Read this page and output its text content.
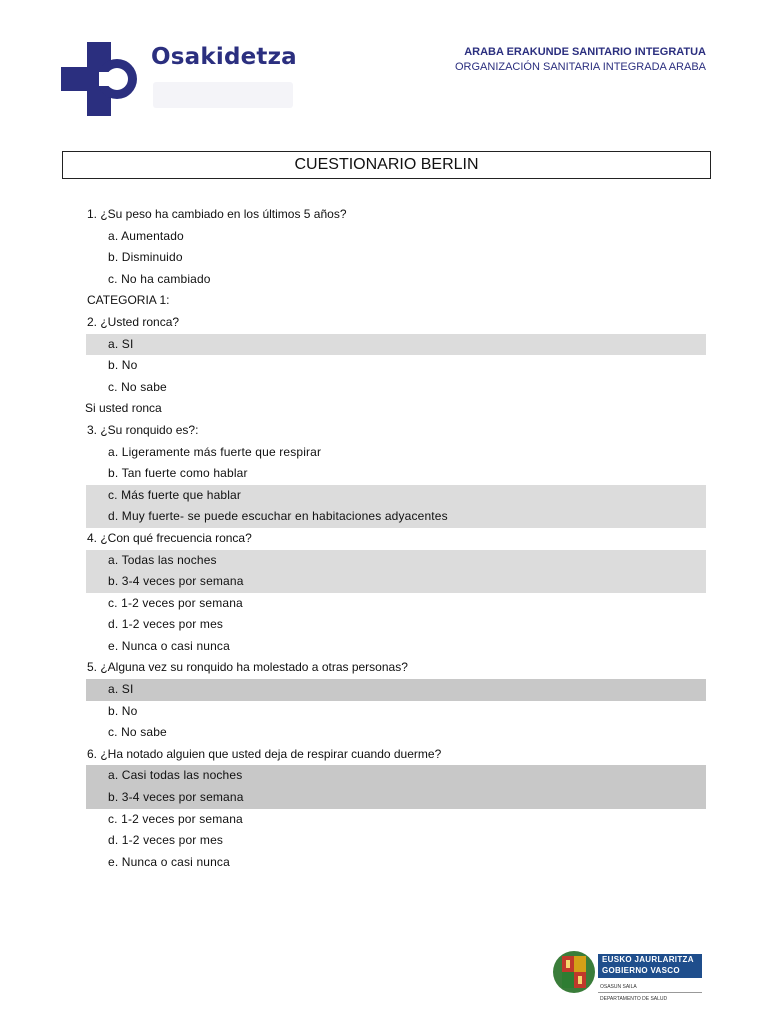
Osakidetza	ARABA ERAKUNDE SANITARIO INTEGRATUA
ORGANIZACIÓN SANITARIA INTEGRADA ARABA
CUESTIONARIO BERLIN
1. ¿Su peso ha cambiado en los últimos 5 años?
a. Aumentado
b. Disminuido
c. No ha cambiado
CATEGORIA 1:
2. ¿Usted ronca?
a. SI
b. No
c. No sabe
Si usted ronca
3. ¿Su ronquido es?:
a. Ligeramente más fuerte que respirar
b. Tan fuerte como hablar
c. Más fuerte que hablar
d. Muy fuerte- se puede escuchar en habitaciones adyacentes
4. ¿Con qué frecuencia ronca?
a. Todas las noches
b. 3-4 veces por semana
c. 1-2 veces por semana
d. 1-2 veces por mes
e. Nunca o casi nunca
5. ¿Alguna vez su ronquido ha molestado a otras personas?
a. SI
b. No
c. No sabe
6. ¿Ha notado alguien que usted deja de respirar cuando duerme?
a. Casi todas las noches
b. 3-4 veces por semana
c. 1-2 veces por semana
d. 1-2 veces por mes
e. Nunca o casi nunca
EUSKO JAURLARITZA
GOBIERNO VASCO
OSASUN SAILA
DEPARTAMENTO DE SALUD
